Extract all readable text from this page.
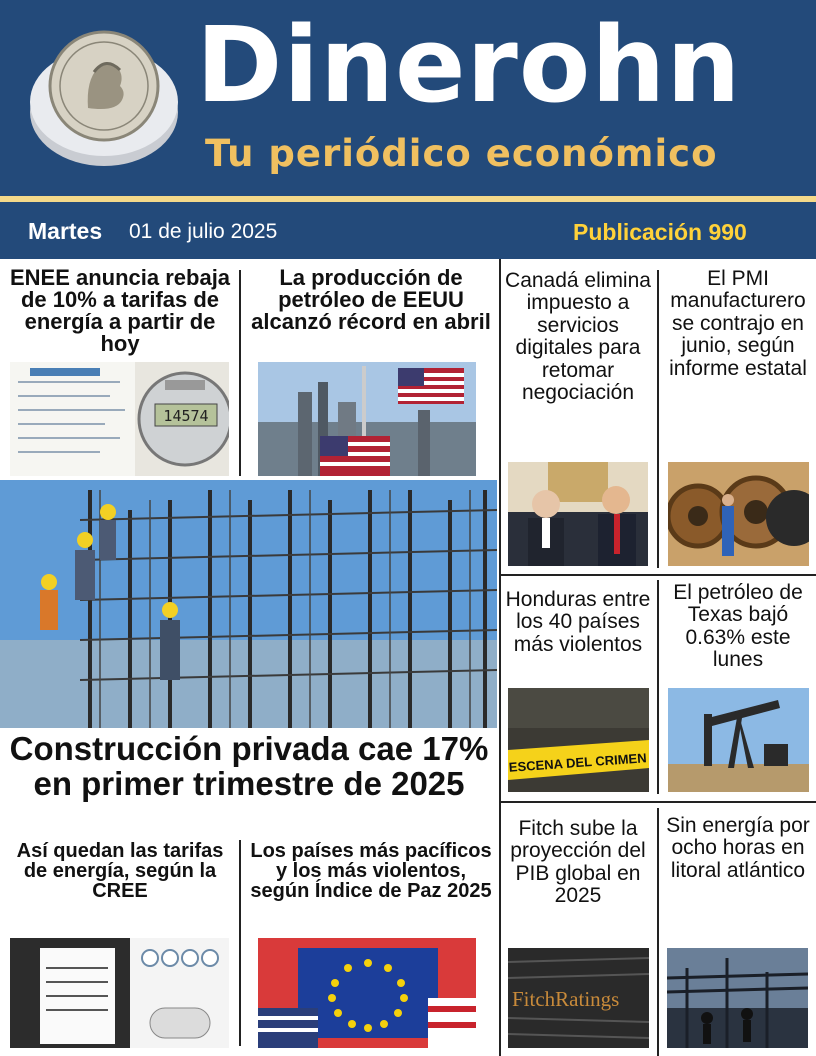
Dinerohn
Tu periódico económico
Martes 01 de julio 2025	Publicación 990
ENEE anuncia rebaja de 10% a tarifas de energía a partir de hoy
14574
La producción de petróleo de EEUU alcanzó récord en abril
Construcción privada cae 17% en primer trimestre de 2025
Así quedan las tarifas de energía, según la CREE
Los países más pacíficos y los más violentos, según Índice de Paz 2025
Canadá elimina impuesto a servicios digitales para retomar negociación
El PMI manufacturero se contrajo en junio, según informe estatal
Honduras entre los 40 países más violentos
ESCENA DEL CRIMEN
El petróleo de Texas bajó 0.63% este lunes
Fitch sube la proyección del PIB global en 2025
FitchRatings
Sin energía por ocho horas en litoral atlántico
